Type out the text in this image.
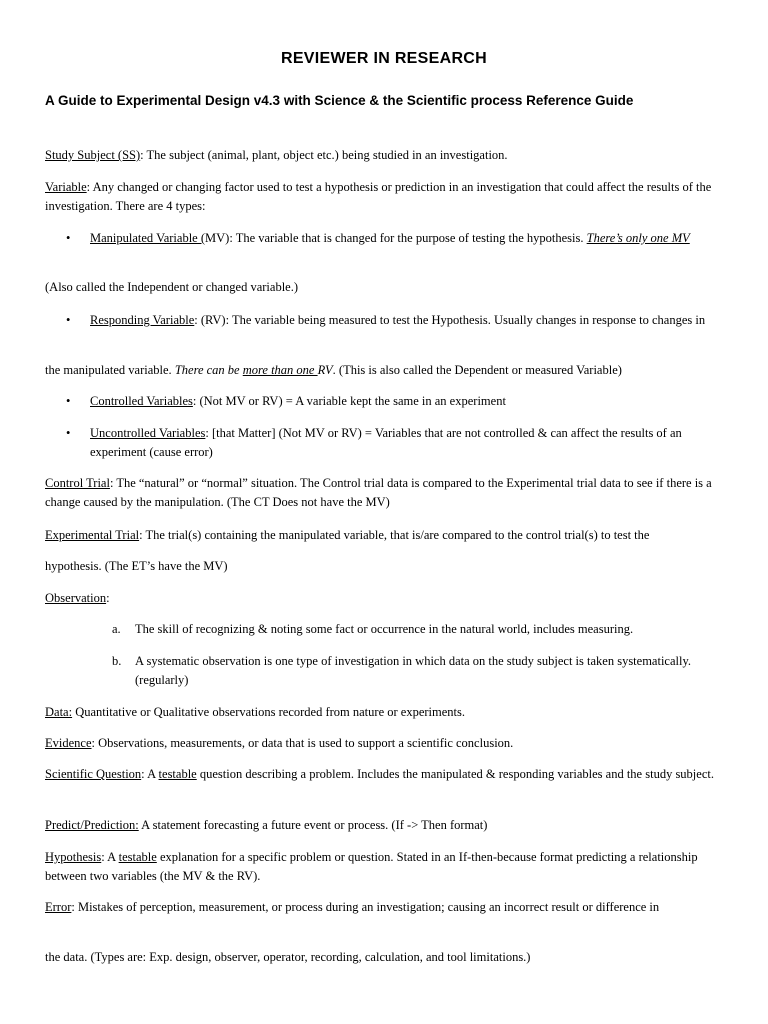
REVIEWER IN RESEARCH

A Guide to Experimental Design v4.3 with Science & the Scientific process Reference Guide

Study Subject (SS): The subject (animal, plant, object etc.) being studied in an investigation.

Variable: Any changed or changing factor used to test a hypothesis or prediction in an investigation that could affect the results of the investigation. There are 4 types:

• Manipulated Variable (MV): The variable that is changed for the purpose of testing the hypothesis. There’s only one MV

(Also called the Independent or changed variable.)

• Responding Variable: (RV): The variable being measured to test the Hypothesis. Usually changes in response to changes in

the manipulated variable. There can be more than one RV. (This is also called the Dependent or measured Variable)

• Controlled Variables: (Not MV or RV) = A variable kept the same in an experiment

• Uncontrolled Variables: [that Matter] (Not MV or RV) = Variables that are not controlled & can affect the results of an experiment (cause error)

Control Trial: The “natural” or “normal” situation. The Control trial data is compared to the Experimental trial data to see if there is a change caused by the manipulation. (The CT Does not have the MV)

Experimental Trial: The trial(s) containing the manipulated variable, that is/are compared to the control trial(s) to test the

hypothesis. (The ET’s have the MV)

Observation:

a. The skill of recognizing & noting some fact or occurrence in the natural world, includes measuring.

b. A systematic observation is one type of investigation in which data on the study subject is taken systematically. (regularly)

Data: Quantitative or Qualitative observations recorded from nature or experiments.

Evidence: Observations, measurements, or data that is used to support a scientific conclusion.

Scientific Question: A testable question describing a problem. Includes the manipulated & responding variables and the study subject.

Predict/Prediction: A statement forecasting a future event or process. (If -> Then format)

Hypothesis: A testable explanation for a specific problem or question. Stated in an If-then-because format predicting a relationship between two variables (the MV & the RV).

Error: Mistakes of perception, measurement, or process during an investigation; causing an incorrect result or difference in

the data. (Types are: Exp. design, observer, operator, recording, calculation, and tool limitations.)
